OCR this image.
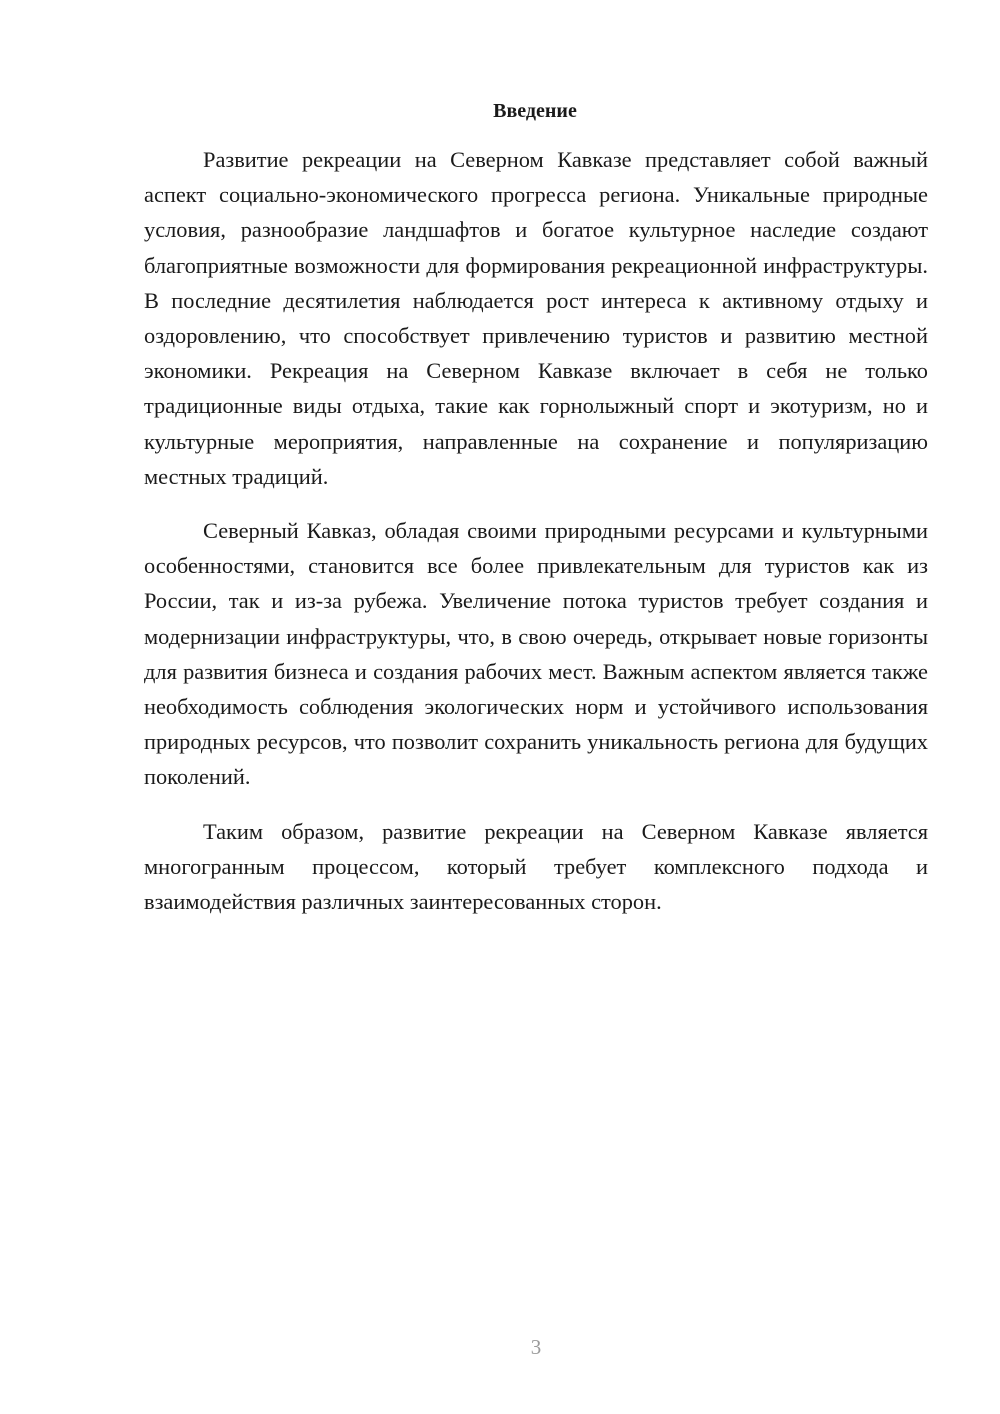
Введение

Развитие рекреации на Северном Кавказе представляет собой важный аспект социально-экономического прогресса региона. Уникальные природные условия, разнообразие ландшафтов и богатое культурное наследие создают благоприятные возможности для формирования рекреационной инфраструктуры. В последние десятилетия наблюдается рост интереса к активному отдыху и оздоровлению, что способствует привлечению туристов и развитию местной экономики. Рекреация на Северном Кавказе включает в себя не только традиционные виды отдыха, такие как горнолыжный спорт и экотуризм, но и культурные мероприятия, направленные на сохранение и популяризацию местных традиций.

Северный Кавказ, обладая своими природными ресурсами и культурными особенностями, становится все более привлекательным для туристов как из России, так и из-за рубежа. Увеличение потока туристов требует создания и модернизации инфраструктуры, что, в свою очередь, открывает новые горизонты для развития бизнеса и создания рабочих мест. Важным аспектом является также необходимость соблюдения экологических норм и устойчивого использования природных ресурсов, что позволит сохранить уникальность региона для будущих поколений.

Таким образом, развитие рекреации на Северном Кавказе является многогранным процессом, который требует комплексного подхода и взаимодействия различных заинтересованных сторон.

3
